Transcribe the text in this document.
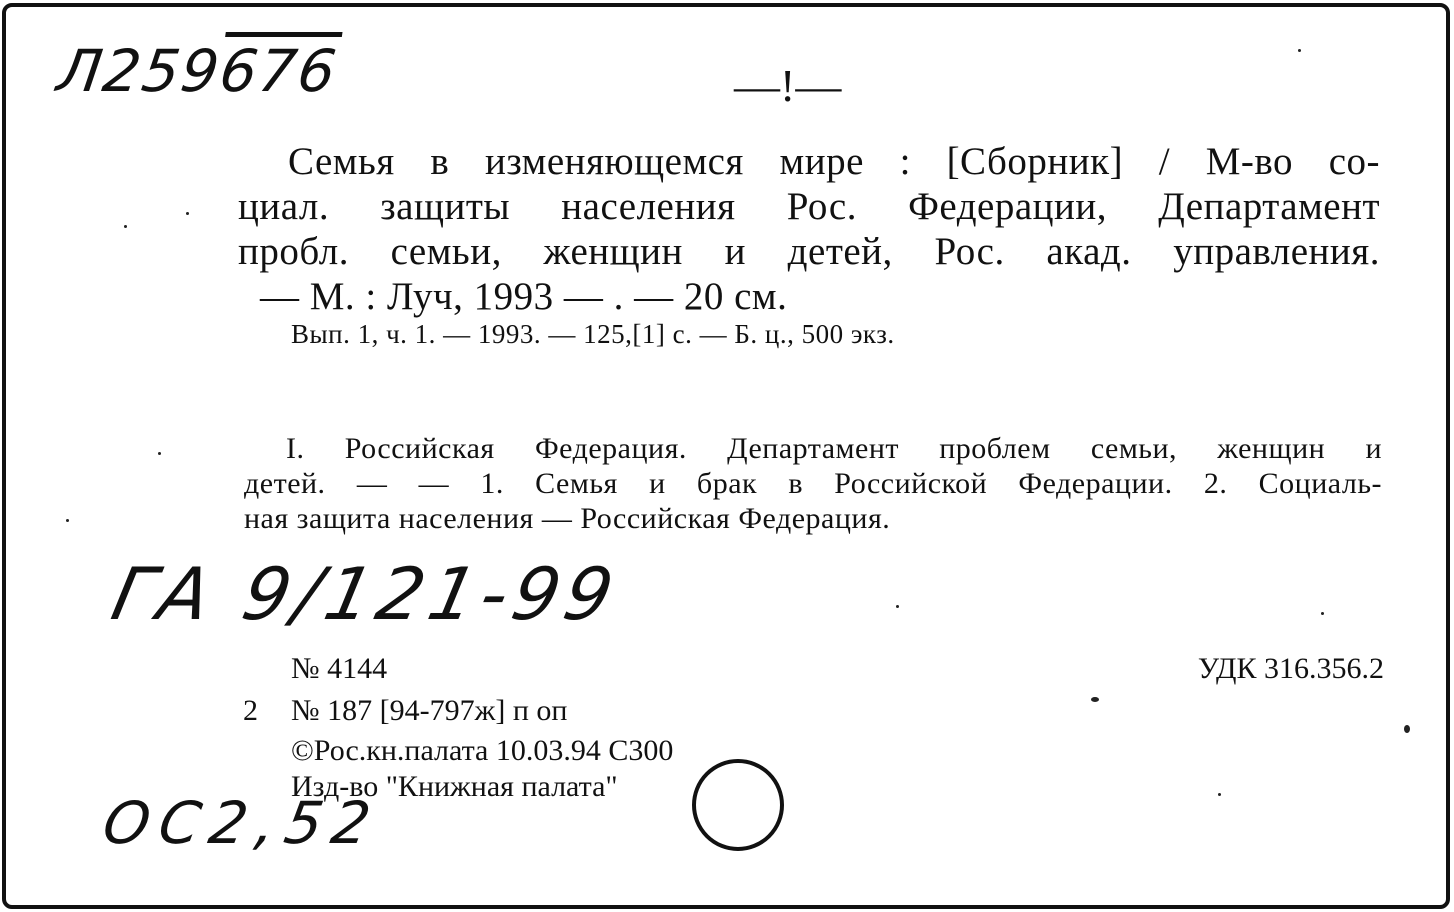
Л259676	—!—
Семья в изменяющемся мире : [Сборник] / М-во со-
циал. защиты населения Рос. Федерации, Департамент
пробл. семьи, женщин и детей, Рос. акад. управления.
— М. : Луч, 1993 — . — 20 см.
Вып. 1, ч. 1. — 1993. — 125,[1] с. — Б. ц., 500 экз.
I. Российская Федерация. Департамент проблем семьи, женщин и
детей. — — 1. Семья и брак в Российской Федерации. 2. Социаль-
ная защита населения — Российская Федерация.
ГА 9/121-99
№ 4144	УДК 316.356.2
2 № 187 [94-797ж] п оп
©Рос.кн.палата 10.03.94 С300
Изд-во "Книжная палата"
ОС2,52
